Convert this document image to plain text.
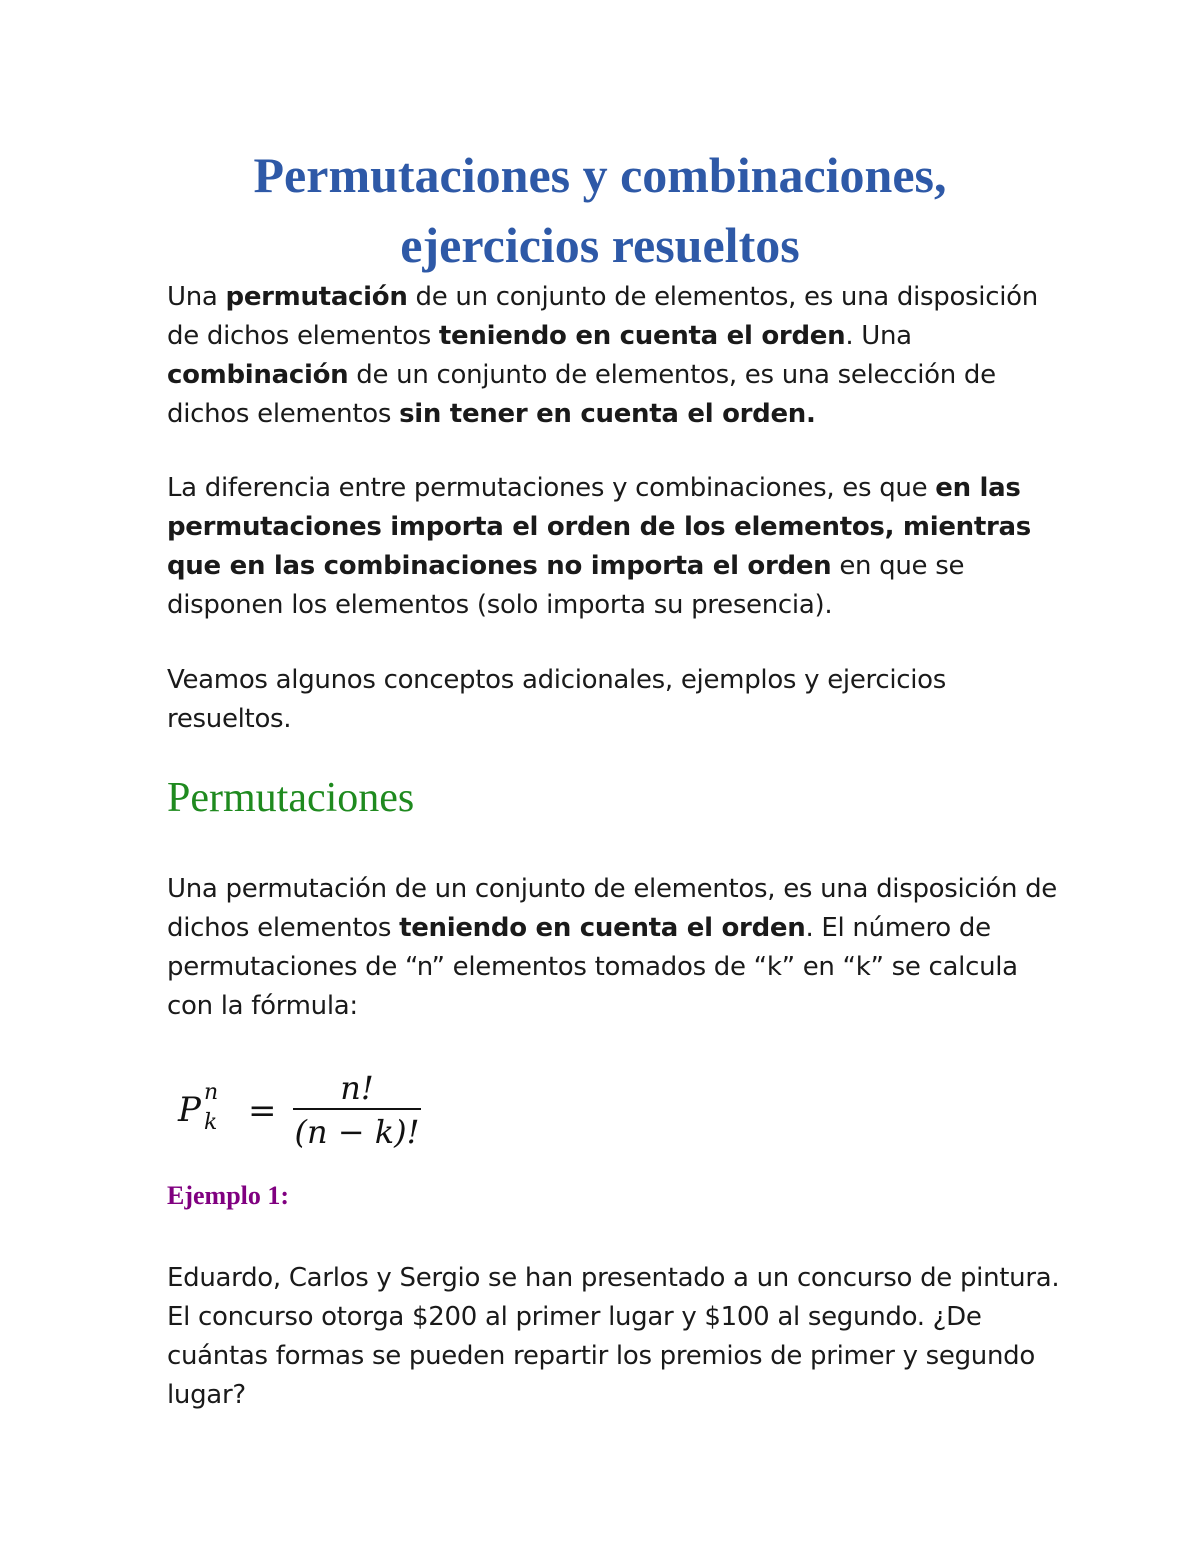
Permutaciones y combinaciones,
ejercicios resueltos

Una permutación de un conjunto de elementos, es una disposición de dichos elementos teniendo en cuenta el orden. Una combinación de un conjunto de elementos, es una selección de dichos elementos sin tener en cuenta el orden.

La diferencia entre permutaciones y combinaciones, es que en las permutaciones importa el orden de los elementos, mientras que en las combinaciones no importa el orden en que se disponen los elementos (solo importa su presencia).

Veamos algunos conceptos adicionales, ejemplos y ejercicios resueltos.

Permutaciones

Una permutación de un conjunto de elementos, es una disposición de dichos elementos teniendo en cuenta el orden. El número de permutaciones de “n” elementos tomados de “k” en “k” se calcula con la fórmula:

P n
$k = \frac{n!}{(n - k)!}$
Ejemplo 1:

Eduardo, Carlos y Sergio se han presentado a un concurso de pintura. El concurso otorga $200 al primer lugar y $100 al segundo. ¿De cuántas formas se pueden repartir los premios de primer y segundo lugar?
